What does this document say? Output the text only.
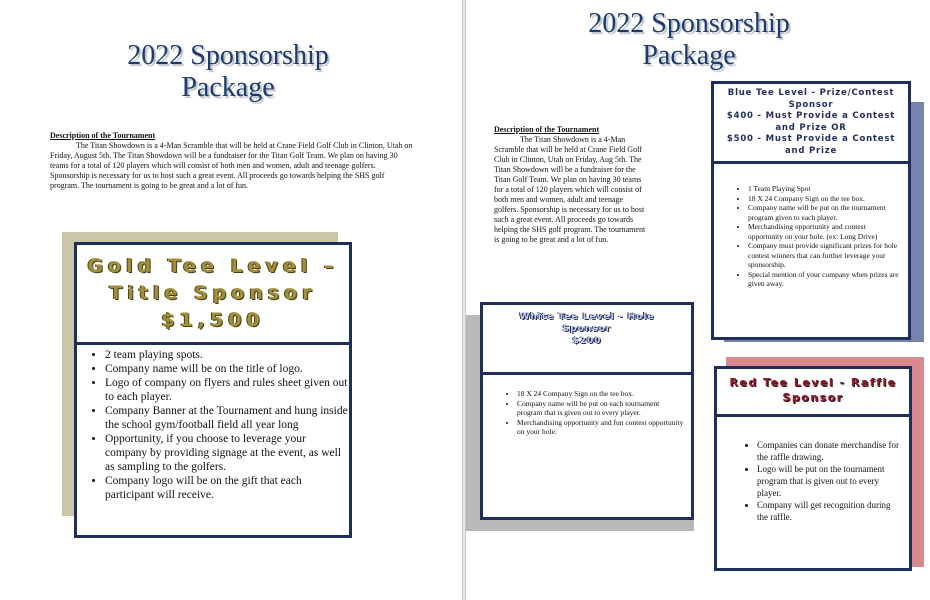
2022 Sponsorship
Package
Description of the Tournament

The Titan Showdown is a 4-Man Scramble that will be held at Crane Field Golf Club in Clinton, Utah on Friday, August 5th. The Titan Showdown will be a fundraiser for the Titan Golf Team. We plan on having 30 teams for a total of 120 players which will consist of both men and women, adult and teenage golfers. Sponsorship is necessary for us to host such a great event. All proceeds go towards helping the SHS golf program. The tournament is going to be great and a lot of fun.

Gold Tee Level –
Title Sponsor
$1,500
• 2 team playing spots.
• Company name will be on the title of logo.
• Logo of company on flyers and rules sheet given out to each player.
• Company Banner at the Tournament and hung inside the school gym/football field all year long
• Opportunity, if you choose to leverage your company by providing signage at the event, as well as sampling to the golfers.
• Company logo will be on the gift that each participant will receive.
2022 Sponsorship
Package
Description of the Tournament

The Titan Showdown is a 4-Man Scramble that will be held at Crane Field Golf Club in Clinton, Utah on Friday, Aug 5th. The Titan Showdown will be a fundraiser for the Titan Golf Team. We plan on having 30 teams for a total of 120 players which will consist of both men and women, adult and teenage golfers. Sponsorship is necessary for us to host such a great event. All proceeds go towards helping the SHS golf program. The tournament is going to be great and a lot of fun.

Blue Tee Level - Prize/Contest
Sponsor
$400 - Must Provide a Contest
and Prize OR
$500 - Must Provide a Contest
and Prize
• 1 Team Playing Spot
• 18 X 24 Company Sign on the tee box.
• Company name will be put on the tournament program given to each player.
• Merchandising opportunity and contest opportunity on your hole. (ex: Long Drive)
• Company must provide significant prizes for hole contest winners that can further leverage your sponsorship.
• Special mention of your company when prizes are given away.
White Tee Level - Hole
Sponsor
$200
• 18 X 24 Company Sign on the tee box.
• Company name will be put on each tournament program that is given out to every player.
• Merchandising opportunity and fun contest opportunity on your hole.
Red Tee Level - Raffle
Sponsor
• Companies can donate merchandise for the raffle drawing.
• Logo will be put on the tournament program that is given out to every player.
• Company will get recognition during the raffle.
